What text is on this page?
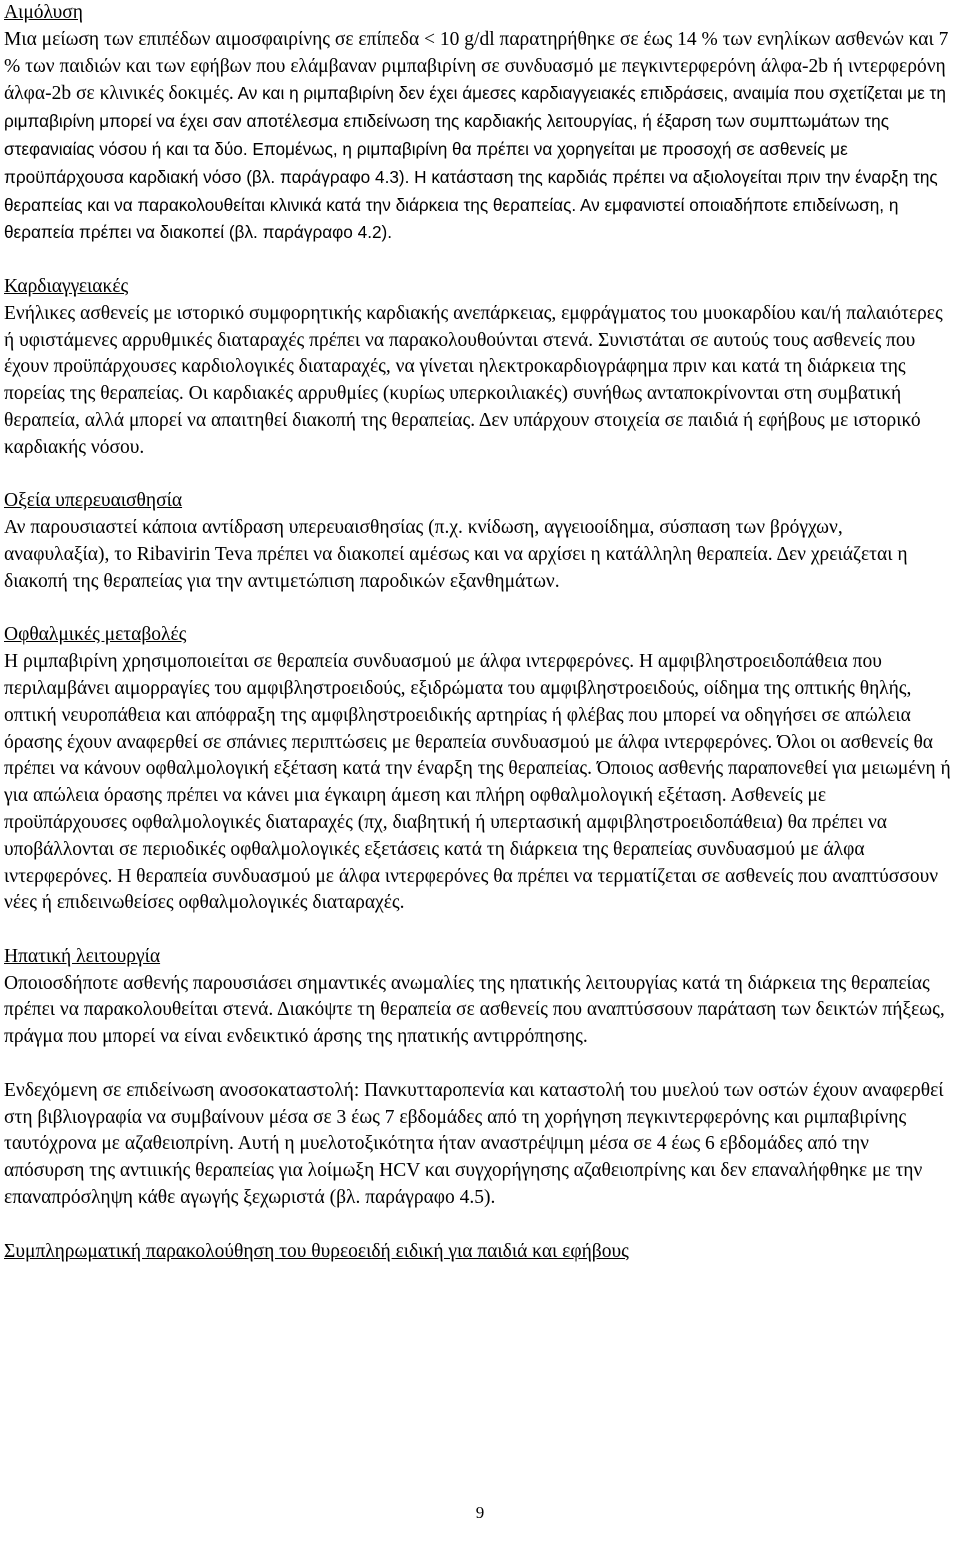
Αιμόλυση
Μια μείωση των επιπέδων αιμοσφαιρίνης σε επίπεδα < 10 g/dl παρατηρήθηκε σε έως 14 % των ενηλίκων ασθενών και 7 % των παιδιών και των εφήβων που ελάμβαναν ριμπαβιρίνη σε συνδυασμό με πεγκιντερφερόνη άλφα-2b ή ιντερφερόνη άλφα-2b σε κλινικές δοκιμές. Αν και η ριμπαβιρίνη δεν έχει άμεσες καρδιαγγειακές επιδράσεις, αναιμία που σχετίζεται με τη ριμπαβιρίνη μπορεί να έχει σαν αποτέλεσμα επιδείνωση της καρδιακής λειτουργίας, ή έξαρση των συμπτωμάτων της στεφανιαίας νόσου ή και τα δύο. Επομένως, η ριμπαβιρίνη θα πρέπει να χορηγείται με προσοχή σε ασθενείς με προϋπάρχουσα καρδιακή νόσο (βλ. παράγραφο 4.3). Η κατάσταση της καρδιάς πρέπει να αξιολογείται πριν την έναρξη της θεραπείας και να παρακολουθείται κλινικά κατά την διάρκεια της θεραπείας. Αν εμφανιστεί οποιαδήποτε επιδείνωση, η θεραπεία πρέπει να διακοπεί (βλ. παράγραφο 4.2).
Καρδιαγγειακές
Ενήλικες ασθενείς με ιστορικό συμφορητικής καρδιακής ανεπάρκειας, εμφράγματος του μυοκαρδίου και/ή παλαιότερες ή υφιστάμενες αρρυθμικές διαταραχές πρέπει να παρακολουθούνται στενά. Συνιστάται σε αυτούς τους ασθενείς που έχουν προϋπάρχουσες καρδιολογικές διαταραχές, να γίνεται ηλεκτροκαρδιογράφημα πριν και κατά τη διάρκεια της πορείας της θεραπείας. Οι καρδιακές αρρυθμίες (κυρίως υπερκοιλιακές) συνήθως ανταποκρίνονται στη συμβατική θεραπεία, αλλά μπορεί να απαιτηθεί διακοπή της θεραπείας. Δεν υπάρχουν στοιχεία σε παιδιά ή εφήβους με ιστορικό καρδιακής νόσου.
Οξεία υπερευαισθησία
Αν παρουσιαστεί κάποια αντίδραση υπερευαισθησίας (π.χ. κνίδωση, αγγειοοίδημα, σύσπαση των βρόγχων, αναφυλαξία), το Ribavirin Teva πρέπει να διακοπεί αμέσως και να αρχίσει η κατάλληλη θεραπεία. Δεν χρειάζεται η διακοπή της θεραπείας για την αντιμετώπιση παροδικών εξανθημάτων.
Οφθαλμικές μεταβολές
Η ριμπαβιρίνη χρησιμοποιείται σε θεραπεία συνδυασμού με άλφα ιντερφερόνες. Η αμφιβληστροειδοπάθεια που περιλαμβάνει αιμορραγίες του αμφιβληστροειδούς, εξιδρώματα του αμφιβληστροειδούς, οίδημα της οπτικής θηλής, οπτική νευροπάθεια και απόφραξη της αμφιβληστροειδικής αρτηρίας ή φλέβας που μπορεί να οδηγήσει σε απώλεια όρασης έχουν αναφερθεί σε σπάνιες περιπτώσεις με θεραπεία συνδυασμού με άλφα ιντερφερόνες. Όλοι οι ασθενείς θα πρέπει να κάνουν οφθαλμολογική εξέταση κατά την έναρξη της θεραπείας. Όποιος ασθενής παραπονεθεί για μειωμένη ή για απώλεια όρασης πρέπει να κάνει μια έγκαιρη άμεση και πλήρη οφθαλμολογική εξέταση. Ασθενείς με προϋπάρχουσες οφθαλμολογικές διαταραχές (πχ, διαβητική ή υπερτασική αμφιβληστροειδοπάθεια) θα πρέπει να υποβάλλονται σε περιοδικές οφθαλμολογικές εξετάσεις κατά τη διάρκεια της θεραπείας συνδυασμού με άλφα ιντερφερόνες. Η θεραπεία συνδυασμού με άλφα ιντερφερόνες θα πρέπει να τερματίζεται σε ασθενείς που αναπτύσσουν νέες ή επιδεινωθείσες οφθαλμολογικές διαταραχές.
Ηπατική λειτουργία
Οποιοσδήποτε ασθενής παρουσιάσει σημαντικές ανωμαλίες της ηπατικής λειτουργίας κατά τη διάρκεια της θεραπείας πρέπει να παρακολουθείται στενά. Διακόψτε τη θεραπεία σε ασθενείς που αναπτύσσουν παράταση των δεικτών πήξεως, πράγμα που μπορεί να είναι ενδεικτικό άρσης της ηπατικής αντιρρόπησης.
Ενδεχόμενη σε επιδείνωση ανοσοκαταστολή: Πανκυτταροπενία και καταστολή του μυελού των οστών έχουν αναφερθεί στη βιβλιογραφία να συμβαίνουν μέσα σε 3 έως 7 εβδομάδες από τη χορήγηση πεγκιντερφερόνης και ριμπαβιρίνης ταυτόχρονα με αζαθειοπρίνη. Αυτή η μυελοτοξικότητα ήταν αναστρέψιμη μέσα σε 4 έως 6 εβδομάδες από την απόσυρση της αντιιικής θεραπείας για λοίμωξη HCV και συγχορήγησης αζαθειοπρίνης και δεν επαναλήφθηκε με την επαναπρόσληψη κάθε αγωγής ξεχωριστά (βλ. παράγραφο 4.5).
Συμπληρωματική παρακολούθηση του θυρεοειδή ειδική για παιδιά και εφήβους
9
